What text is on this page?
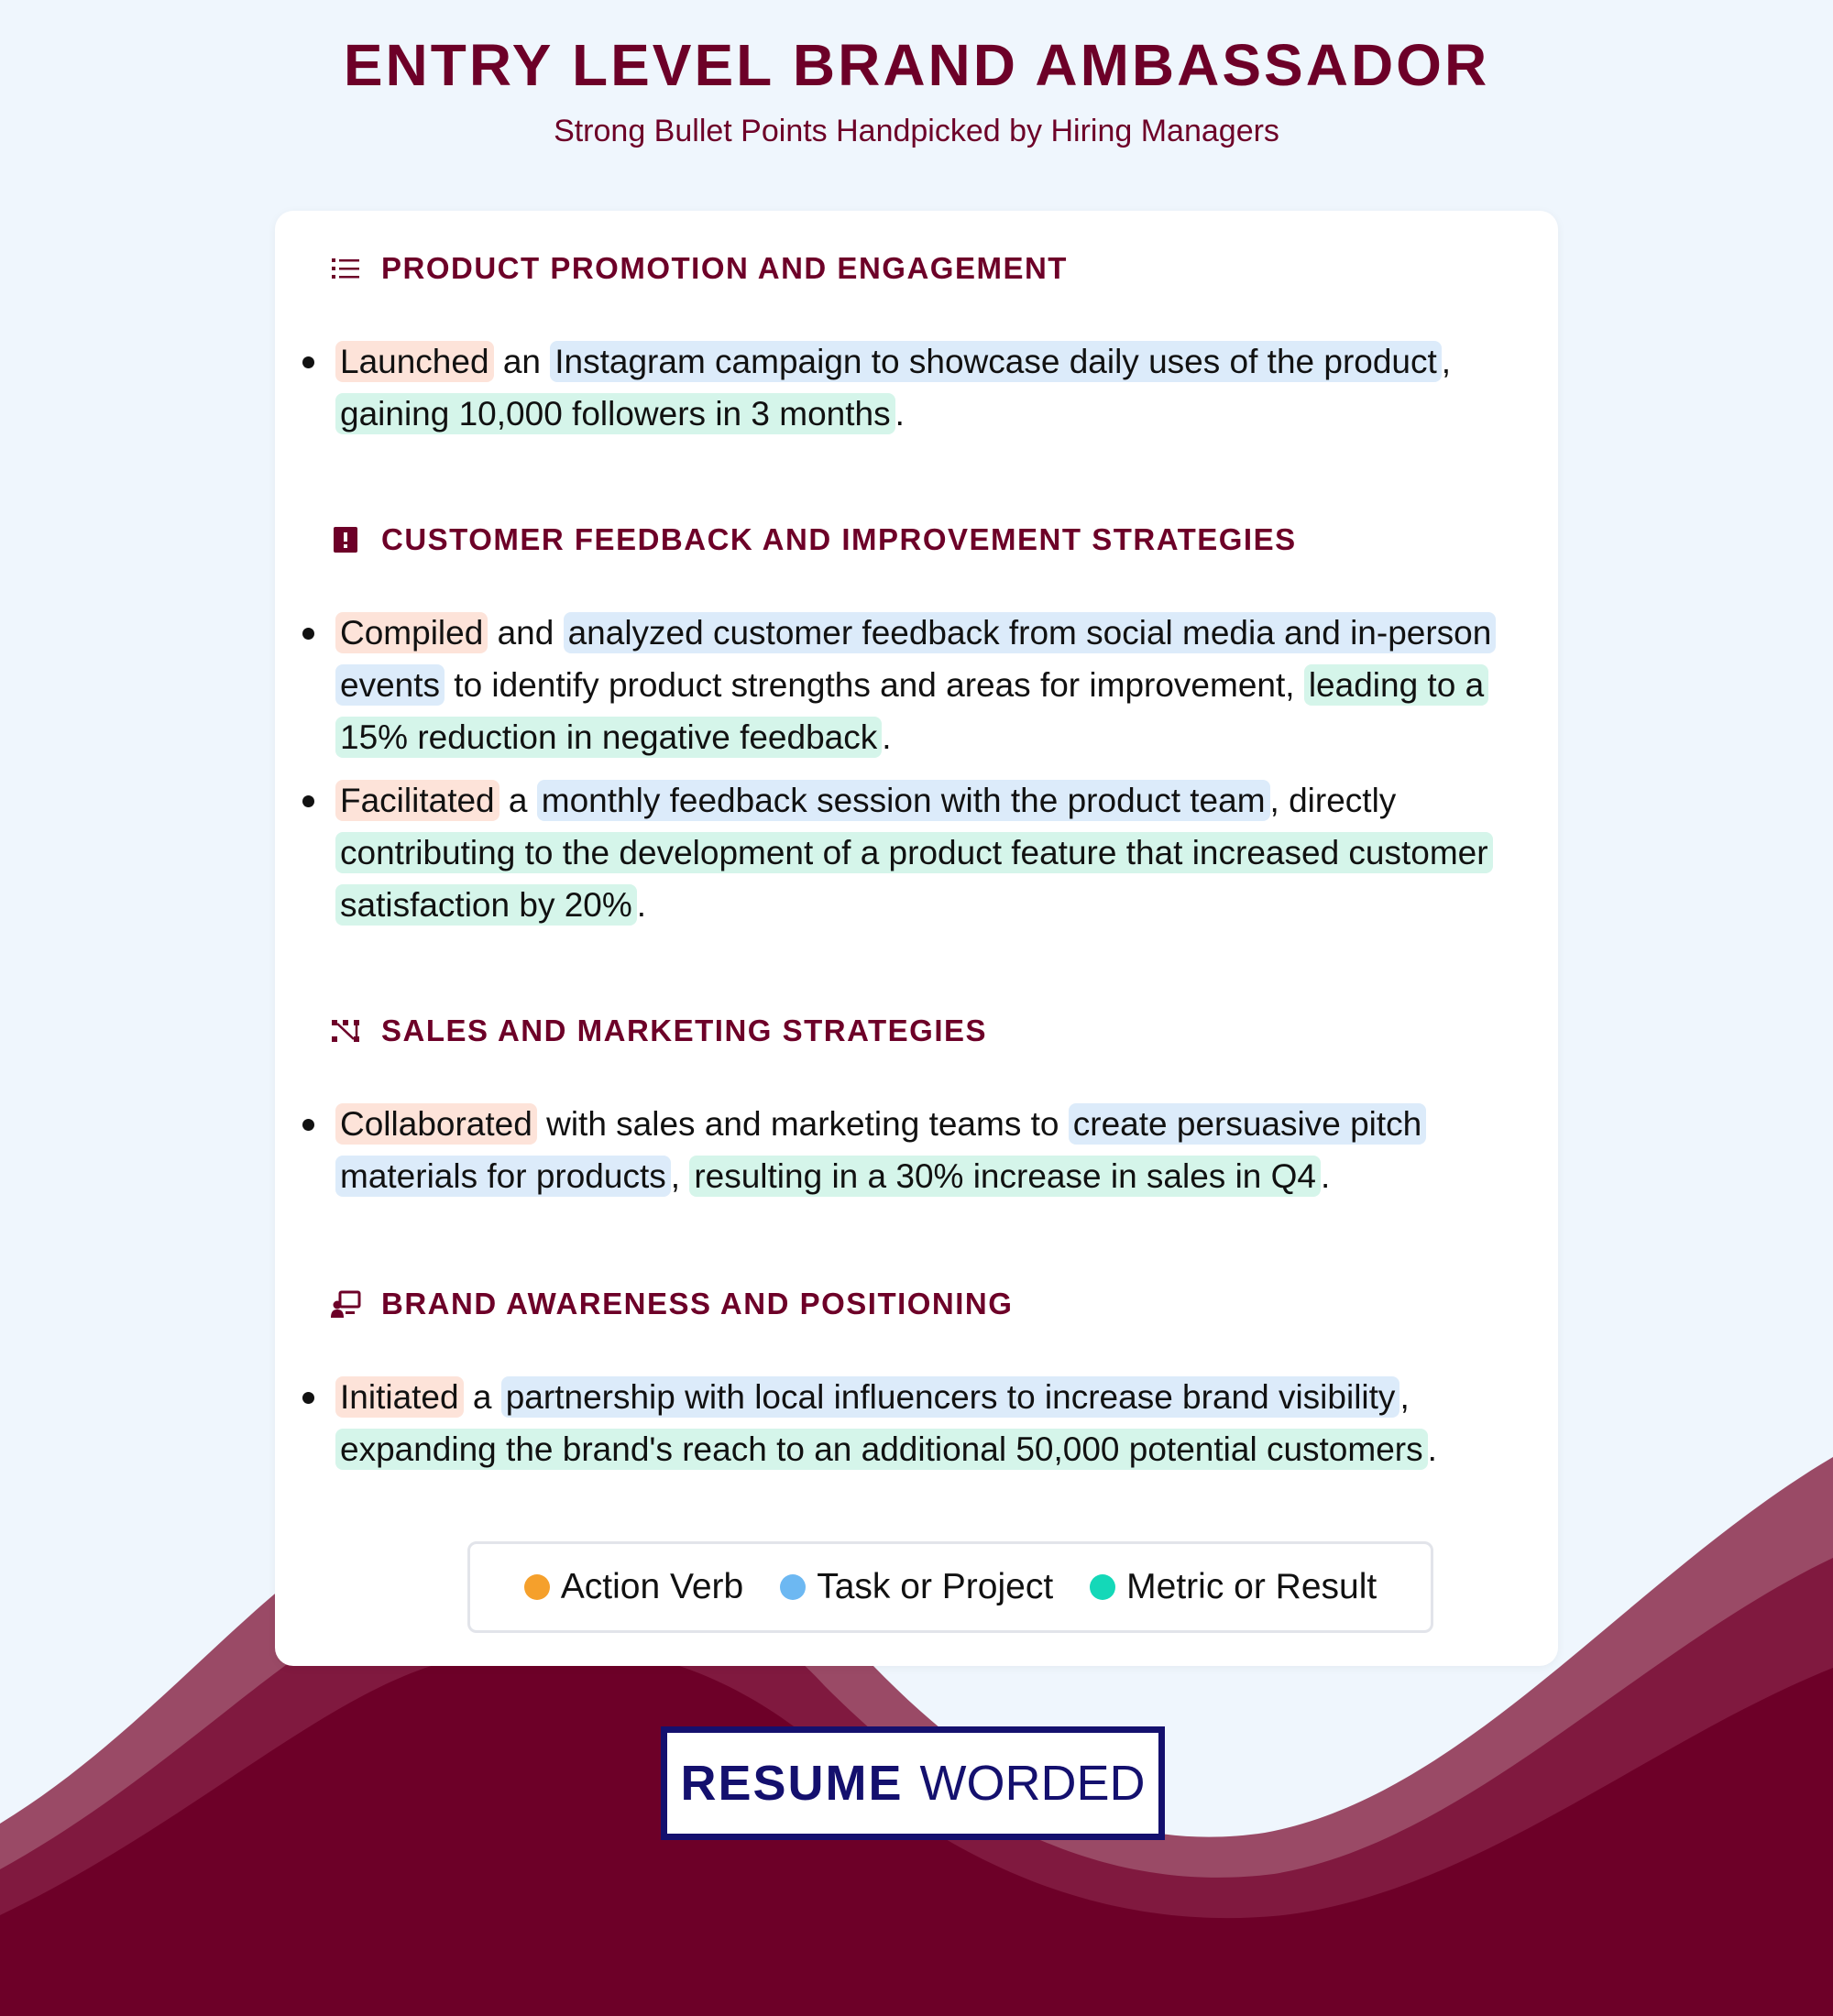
ENTRY LEVEL BRAND AMBASSADOR
Strong Bullet Points Handpicked by Hiring Managers
PRODUCT PROMOTION AND ENGAGEMENT
Launched an Instagram campaign to showcase daily uses of the product , gaining 10,000 followers in 3 months .
CUSTOMER FEEDBACK AND IMPROVEMENT STRATEGIES
Compiled and analyzed customer feedback from social media and in-person events to identify product strengths and areas for improvement, leading to a 15% reduction in negative feedback .
Facilitated a monthly feedback session with the product team , directly contributing to the development of a product feature that increased customer satisfaction by 20% .
SALES AND MARKETING STRATEGIES
Collaborated with sales and marketing teams to create persuasive pitch materials for products , resulting in a 30% increase in sales in Q4 .
BRAND AWARENESS AND POSITIONING
Initiated a partnership with local influencers to increase brand visibility , expanding the brand's reach to an additional 50,000 potential customers .
Action Verb Task or Project Metric or Result
RESUME WORDED
